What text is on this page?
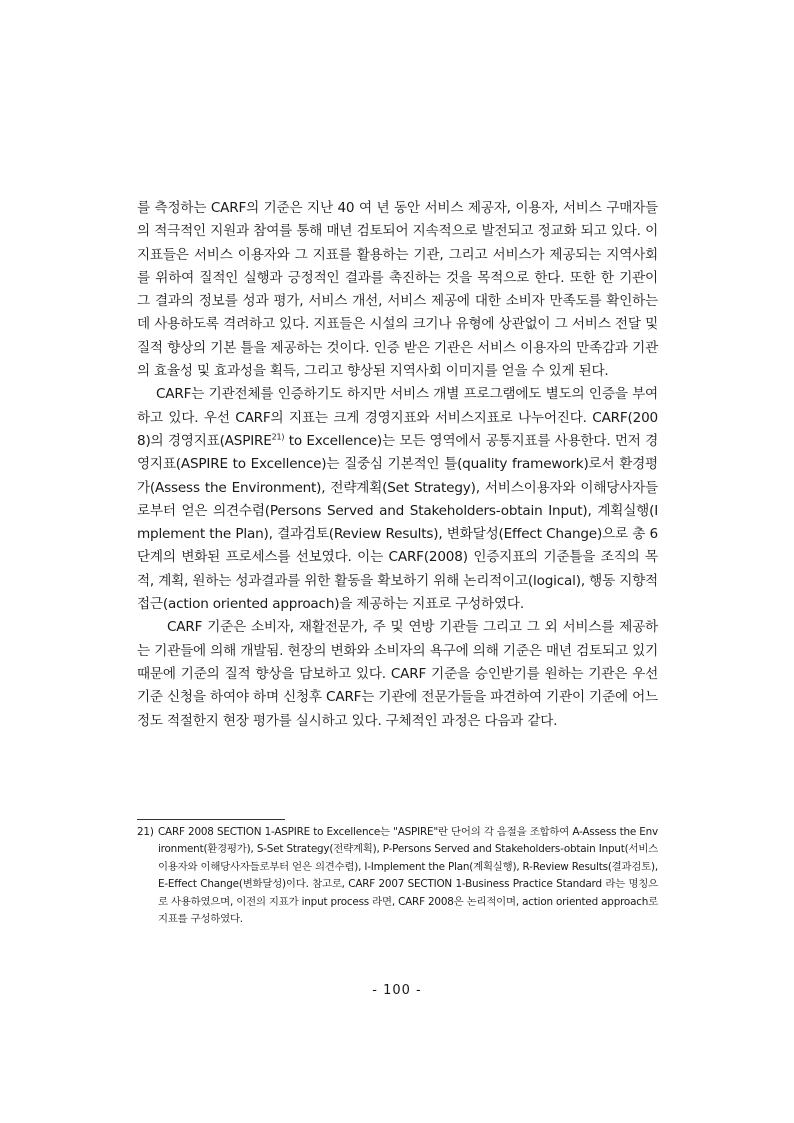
를 측정하는 CARF의 기준은 지난 40 여 년 동안 서비스 제공자, 이용자, 서비스 구매자들의 적극적인 지원과 참여를 통해 매년 검토되어 지속적으로 발전되고 정교화 되고 있다. 이 지표들은 서비스 이용자와 그 지표를 활용하는 기관, 그리고 서비스가 제공되는 지역사회를 위하여 질적인 실행과 긍정적인 결과를 촉진하는 것을 목적으로 한다. 또한 한 기관이 그 결과의 정보를 성과 평가, 서비스 개선, 서비스 제공에 대한 소비자 만족도를 확인하는데 사용하도록 격려하고 있다. 지표들은 시설의 크기나 유형에 상관없이 그 서비스 전달 및 질적 향상의 기본 틀을 제공하는 것이다. 인증 받은 기관은 서비스 이용자의 만족감과 기관의 효율성 및 효과성을 획득, 그리고 향상된 지역사회 이미지를 얻을 수 있게 된다.

CARF는 기관전체를 인증하기도 하지만 서비스 개별 프로그램에도 별도의 인증을 부여하고 있다. 우선 CARF의 지표는 크게 경영지표와 서비스지표로 나누어진다. CARF(2008)의 경영지표(ASPIRE$^{21)}$ to Excellence)는 모든 영역에서 공통지표를 사용한다. 먼저 경영지표(ASPIRE to Excellence)는 질중심 기본적인 틀(quality framework)로서 환경평가(Assess the Environment), 전략계획(Set Strategy), 서비스이용자와 이해당사자들로부터 얻은 의견수렴(Persons Served and Stakeholders-obtain Input), 계획실행(Implement the Plan), 결과검토(Review Results), 변화달성(Effect Change)으로 총 6단계의 변화된 프로세스를 선보였다. 이는 CARF(2008) 인증지표의 기준틀을 조직의 목적, 계획, 원하는 성과결과를 위한 활동을 확보하기 위해 논리적이고(logical), 행동 지향적 접근(action oriented approach)을 제공하는 지표로 구성하였다.

CARF 기준은 소비자, 재활전문가, 주 및 연방 기관들 그리고 그 외 서비스를 제공하는 기관들에 의해 개발됨. 현장의 변화와 소비자의 욕구에 의해 기준은 매년 검토되고 있기 때문에 기준의 질적 향상을 담보하고 있다. CARF 기준을 승인받기를 원하는 기관은 우선 기준 신청을 하여야 하며 신청후 CARF는 기관에 전문가들을 파견하여 기관이 기준에 어느 정도 적절한지 현장 평가를 실시하고 있다. 구체적인 과정은 다음과 같다.

21) CARF 2008 SECTION 1-ASPIRE to Excellence는 "ASPIRE"란 단어의 각 음절을 조합하여 A-Assess the Environment(환경평가), S-Set Strategy(전략계획), P-Persons Served and Stakeholders-obtain Input(서비스이용자와 이해당사자들로부터 얻은 의견수렴), I-Implement the Plan(계획실행), R-Review Results(결과검토), E-Effect Change(변화달성)이다. 참고로, CARF 2007 SECTION 1-Business Practice Standard 라는 명칭으로 사용하였으며, 이전의 지표가 input process 라면, CARF 2008은 논리적이며, action oriented approach로 지표를 구성하였다.

- 100 -
